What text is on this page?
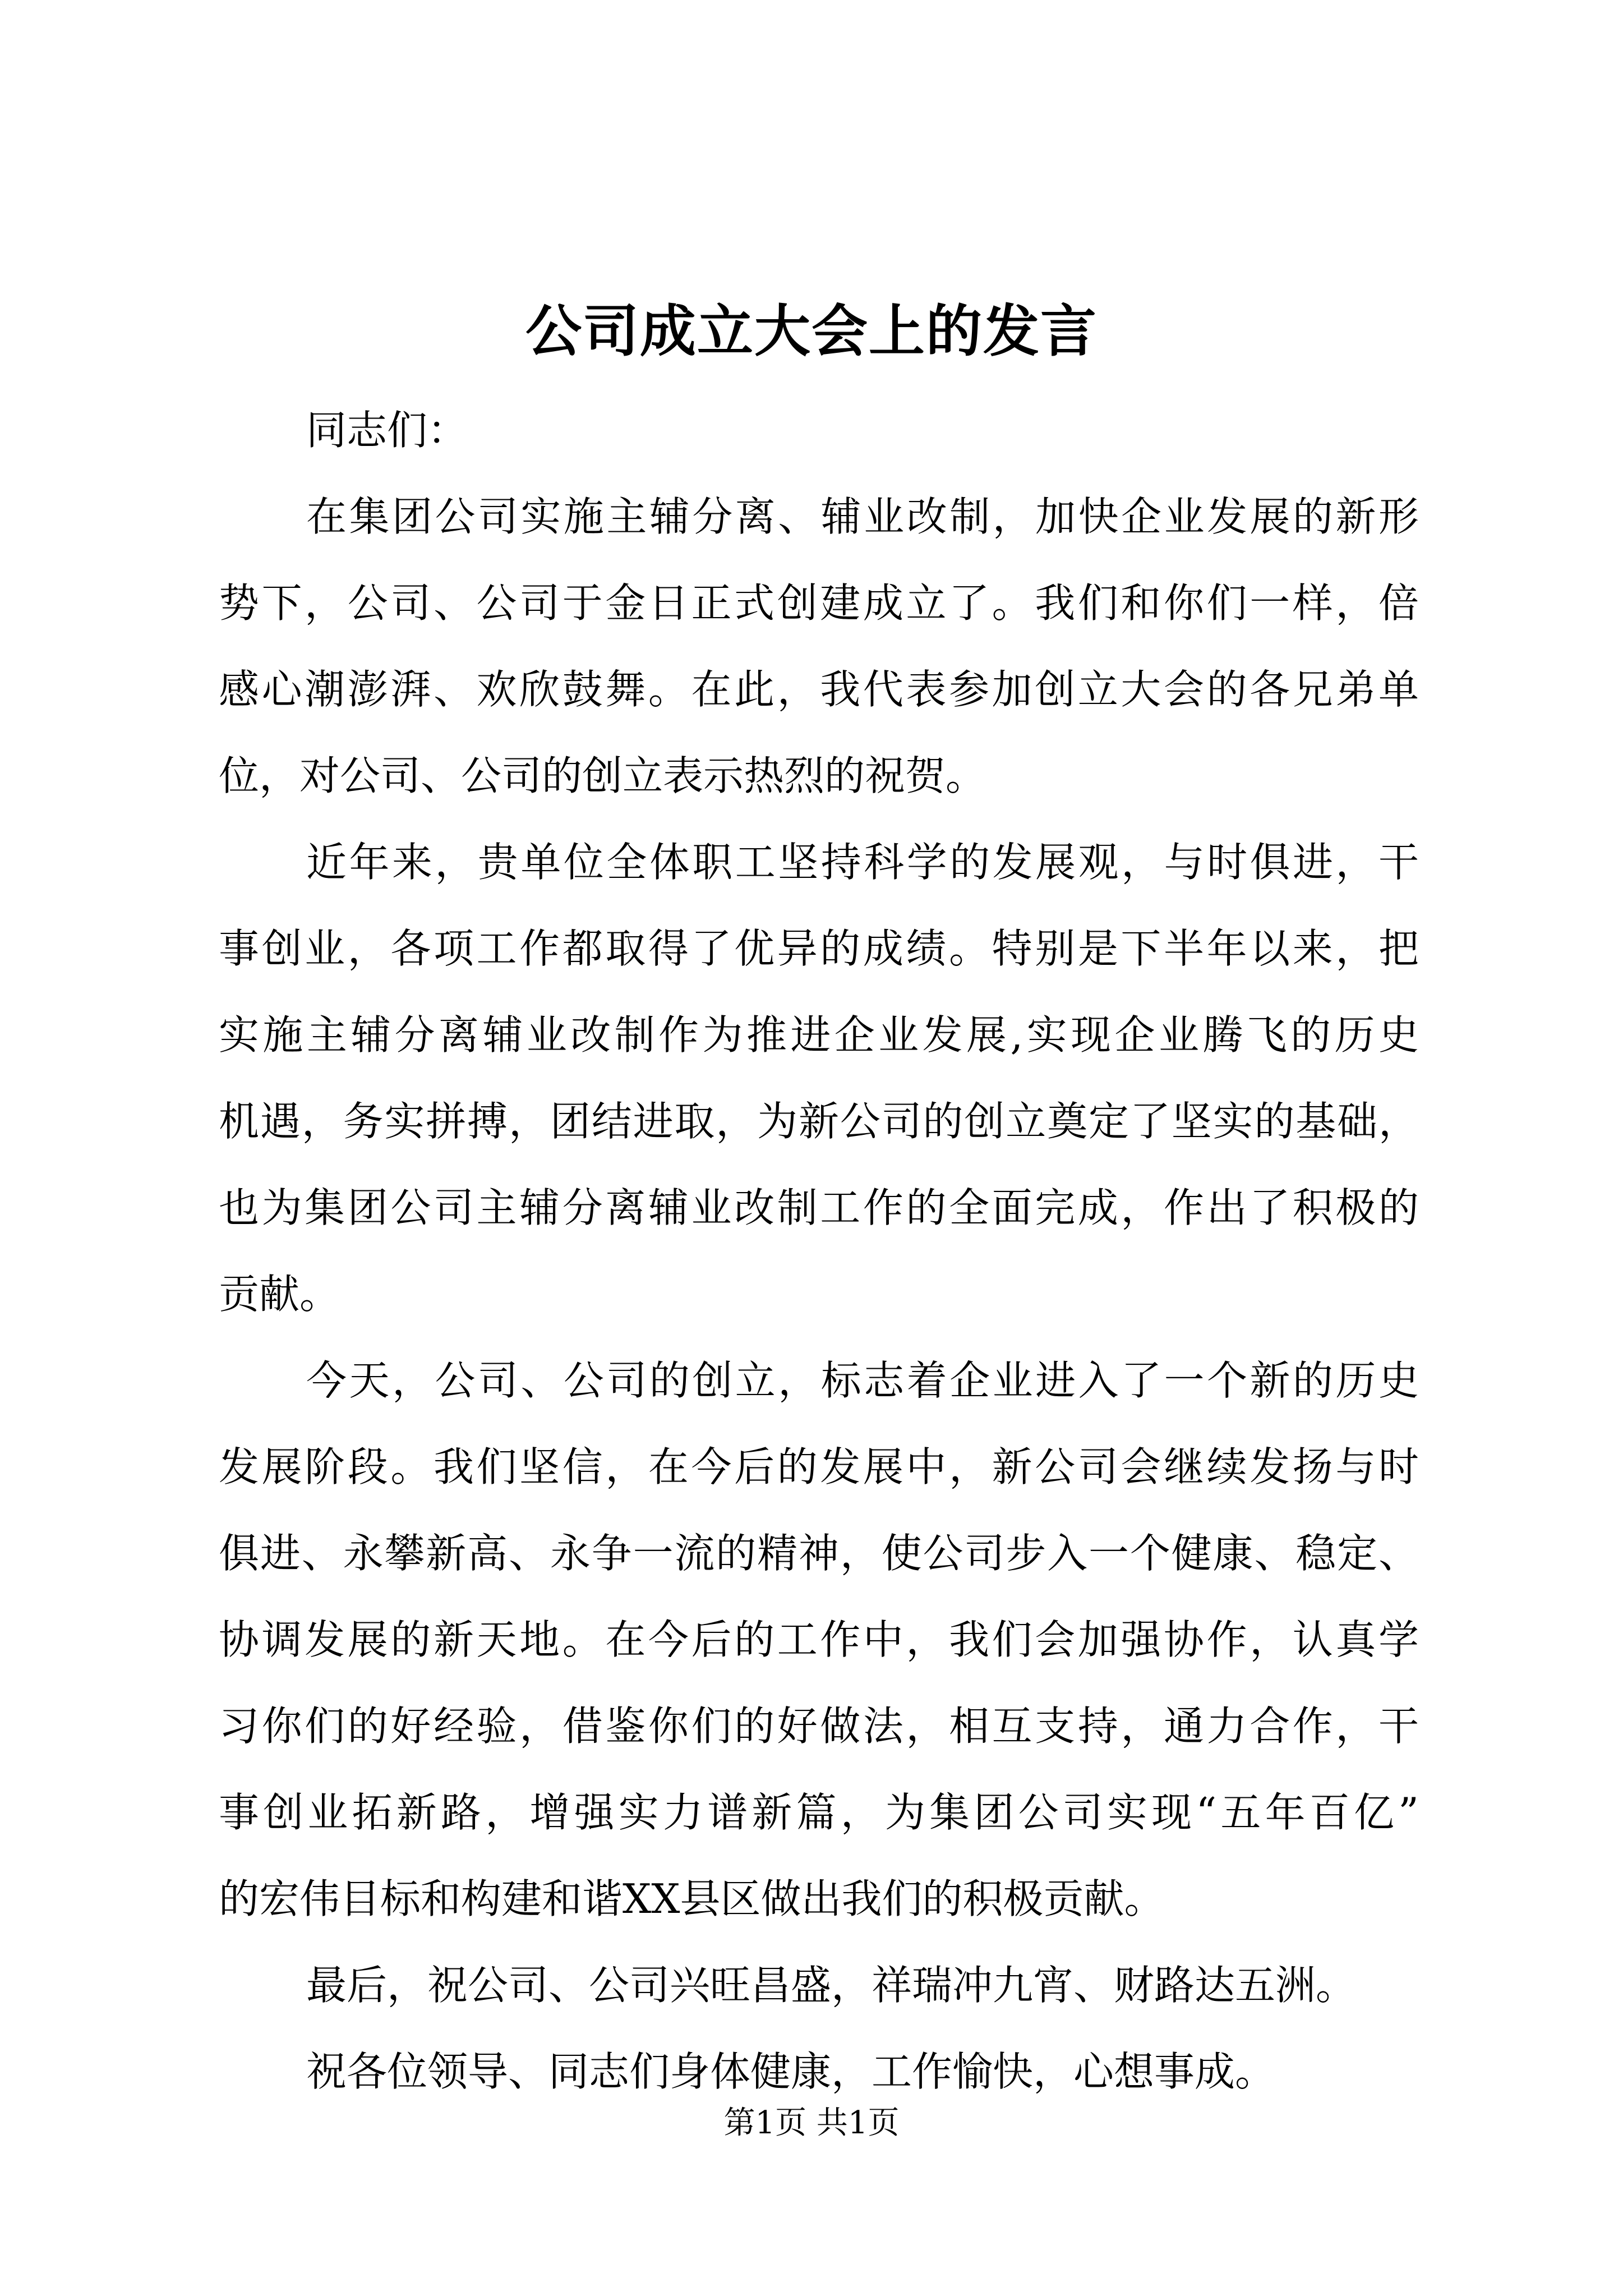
公司成立大会上的发言
同志们：
在集团公司实施主辅分离、辅业改制，加快企业发展的新形
势下，公司、公司于金日正式创建成立了。我们和你们一样，倍
感心潮澎湃、欢欣鼓舞。在此，我代表参加创立大会的各兄弟单
位，对公司、公司的创立表示热烈的祝贺。
近年来，贵单位全体职工坚持科学的发展观，与时俱进，干
事创业，各项工作都取得了优异的成绩。特别是下半年以来，把
实施主辅分离辅业改制作为推进企业发展,实现企业腾飞的历史
机遇，务实拼搏，团结进取，为新公司的创立奠定了坚实的基础，
也为集团公司主辅分离辅业改制工作的全面完成，作出了积极的
贡献。
今天，公司、公司的创立，标志着企业进入了一个新的历史
发展阶段。我们坚信，在今后的发展中，新公司会继续发扬与时
俱进、永攀新高、永争一流的精神，使公司步入一个健康、稳定、
协调发展的新天地。在今后的工作中，我们会加强协作，认真学
习你们的好经验，借鉴你们的好做法，相互支持，通力合作，干
事创业拓新路，增强实力谱新篇，为集团公司实现“五年百亿”
的宏伟目标和构建和谐XX县区做出我们的积极贡献。
最后，祝公司、公司兴旺昌盛，祥瑞冲九宵、财路达五洲。
祝各位领导、同志们身体健康，工作愉快，心想事成。
第1页 共1页
